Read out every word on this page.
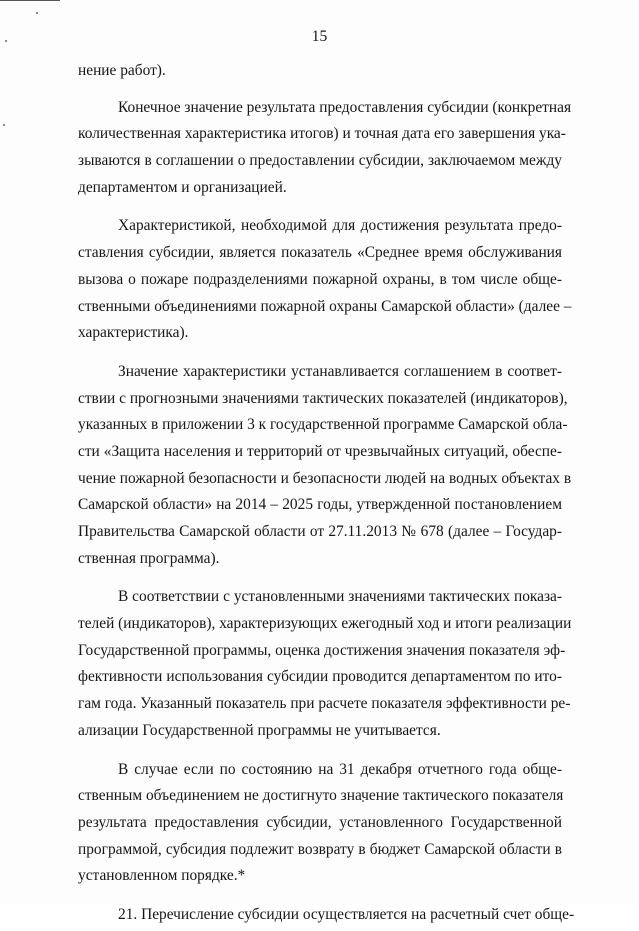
15
нение работ).
Конечное значение результата предоставления субсидии (конкретная
количественная характеристика итогов) и точная дата его завершения ука-
зываются в соглашении о предоставлении субсидии, заключаемом между
департаментом и организацией.
Характеристикой, необходимой для достижения результата предо-
ставления субсидии, является показатель «Среднее время обслуживания
вызова о пожаре подразделениями пожарной охраны, в том числе обще-
ственными объединениями пожарной охраны Самарской области» (далее –
характеристика).
Значение характеристики устанавливается соглашением в соответ-
ствии с прогнозными значениями тактических показателей (индикаторов),
указанных в приложении 3 к государственной программе Самарской обла-
сти «Защита населения и территорий от чрезвычайных ситуаций, обеспе-
чение пожарной безопасности и безопасности людей на водных объектах в
Самарской области» на 2014 – 2025 годы, утвержденной постановлением
Правительства Самарской области от 27.11.2013 № 678 (далее – Государ-
ственная программа).
В соответствии с установленными значениями тактических показа-
телей (индикаторов), характеризующих ежегодный ход и итоги реализации
Государственной программы, оценка достижения значения показателя эф-
фективности использования субсидии проводится департаментом по ито-
гам года. Указанный показатель при расчете показателя эффективности ре-
ализации Государственной программы не учитывается.
В случае если по состоянию на 31 декабря отчетного года обще-
ственным объединением не достигнуто значение тактического показателя
результата предоставления субсидии, установленного Государственной
программой, субсидия подлежит возврату в бюджет Самарской области в
установленном порядке.*
21. Перечисление субсидии осуществляется на расчетный счет обще-
